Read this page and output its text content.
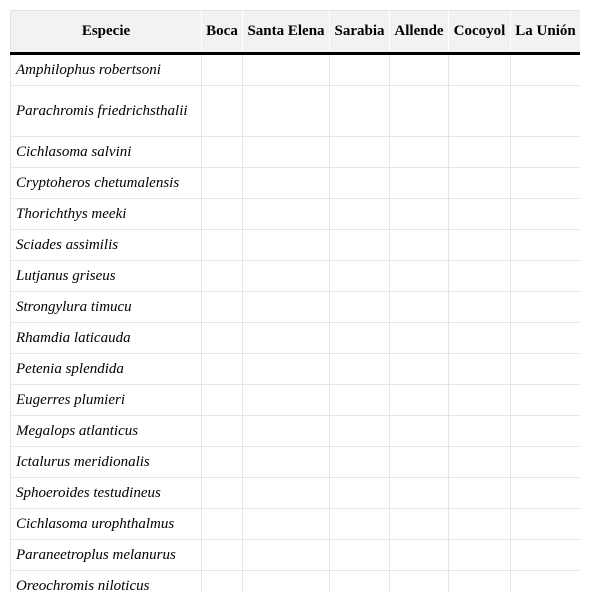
Especie	Boca	Santa Elena	Sarabia	Allende	Cocoyol	La Unión
Amphilophus robertsoni						
Parachromis friedrichsthalii						
Cichlasoma salvini						
Cryptoheros chetumalensis						
Thorichthys meeki						
Sciades assimilis						
Lutjanus griseus						
Strongylura timucu						
Rhamdia laticauda						
Petenia splendida						
Eugerres plumieri						
Megalops atlanticus						
Ictalurus meridionalis						
Sphoeroides testudineus						
Cichlasoma urophthalmus						
Paraneetroplus melanurus						
Oreochromis niloticus						
